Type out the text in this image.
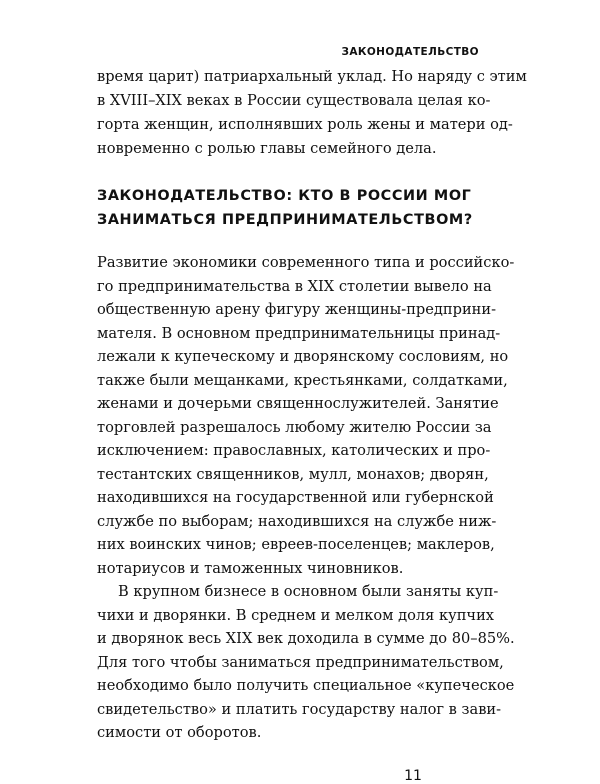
ЗАКОНОДАТЕЛЬСТВО
время царит) патриархальный уклад. Но наряду с этим
в XVIII–XIX веках в России существовала целая ко-
горта женщин, исполнявших роль жены и матери од-
новременно с ролью главы семейного дела.
ЗАКОНОДАТЕЛЬСТВО: КТО В РОССИИ МОГ
ЗАНИМАТЬСЯ ПРЕДПРИНИМАТЕЛЬСТВОМ?
Развитие экономики современного типа и российско-
го предпринимательства в XIX столетии вывело на
общественную арену фигуру женщины-предприни-
мателя. В основном предпринимательницы принад-
лежали к купеческому и дворянскому сословиям, но
также были мещанками, крестьянками, солдатками,
женами и дочерьми священнослужителей. Занятие
торговлей разрешалось любому жителю России за
исключением: православных, католических и про-
тестантских священников, мулл, монахов; дворян,
находившихся на государственной или губернской
службе по выборам; находившихся на службе ниж-
них воинских чинов; евреев-поселенцев; маклеров,
нотариусов и таможенных чиновников.
11
В крупном бизнесе в основном были заняты куп-
чихи и дворянки. В среднем и мелком доля купчих
и дворянок весь XIX век доходила в сумме до 80–85%.
Для того чтобы заниматься предпринимательством,
необходимо было получить специальное «купеческое
свидетельство» и платить государству налог в зави-
симости от оборотов.
